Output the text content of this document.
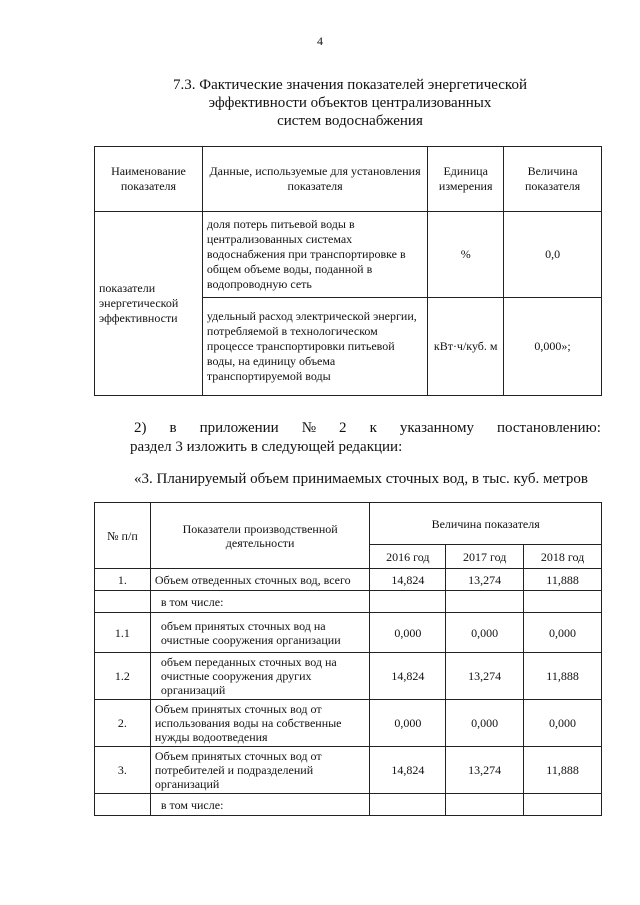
4
7.3. Фактические значения показателей энергетической
эффективности объектов централизованных
систем водоснабжения
Наименование показателя	Данные, используемые для установления показателя	Единица измерения	Величина показателя
показатели энергетической эффективности	доля потерь питьевой воды в централизованных системах водоснабжения при транспортировке в общем объеме воды, поданной в водопроводную сеть	%	0,0
	удельный расход электрической энергии, потребляемой в технологическом процессе транспортировки питьевой воды, на единицу объема транспортируемой воды	кВт·ч/куб. м	0,000»;
2) в приложении № 2 к указанному постановлению:
раздел 3 изложить в следующей редакции:
«3. Планируемый объем принимаемых сточных вод, в тыс. куб. метров
№ п/п	Показатели производственной деятельности	Величина показателя		
		2016 год	2017 год	2018 год
1.	Объем отведенных сточных вод, всего	14,824	13,274	11,888
	в том числе:			
1.1	объем принятых сточных вод на очистные сооружения организации	0,000	0,000	0,000
1.2	объем переданных сточных вод на очистные сооружения других организаций	14,824	13,274	11,888
2.	Объем принятых сточных вод от использования воды на собственные нужды водоотведения	0,000	0,000	0,000
3.	Объем принятых сточных вод от потребителей и подразделений организаций	14,824	13,274	11,888
	в том числе:			
